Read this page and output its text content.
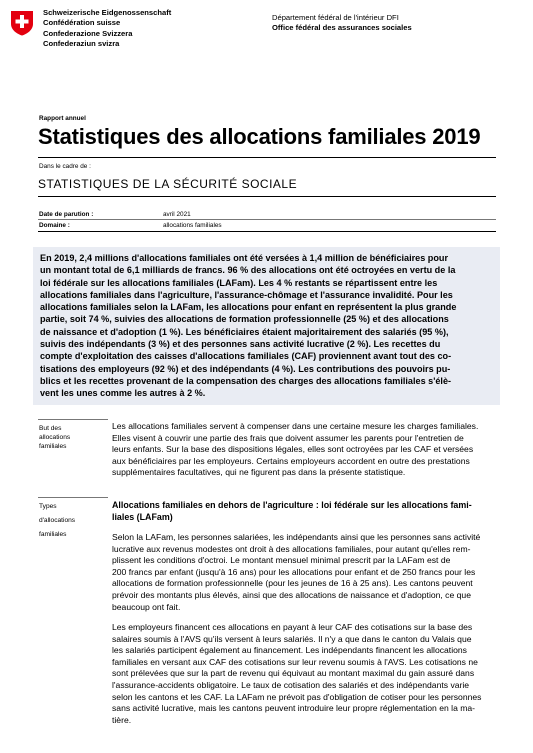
Schweizerische Eidgenossenschaft
Confédération suisse
Confederazione Svizzera
Confederaziun svizra
Département fédéral de l'intérieur DFI
Office fédéral des assurances sociales
Rapport annuel
Statistiques des allocations familiales 2019
Dans le cadre de :
STATISTIQUES DE LA SÉCURITÉ SOCIALE
Date de parution :	avril 2021
Domaine :	allocations familiales
En 2019, 2,4 millions d'allocations familiales ont été versées à 1,4 million de bénéficiaires pour
un montant total de 6,1 milliards de francs. 96 % des allocations ont été octroyées en vertu de la
loi fédérale sur les allocations familiales (LAFam). Les 4 % restants se répartissent entre les
allocations familiales dans l'agriculture, l'assurance-chômage et l'assurance invalidité. Pour les
allocations familiales selon la LAFam, les allocations pour enfant en représentent la plus grande
partie, soit 74 %, suivies des allocations de formation professionnelle (25 %) et des allocations
de naissance et d'adoption (1 %). Les bénéficiaires étaient majoritairement des salariés (95 %),
suivis des indépendants (3 %) et des personnes sans activité lucrative (2 %). Les recettes du
compte d'exploitation des caisses d'allocations familiales (CAF) proviennent avant tout des co-
tisations des employeurs (92 %) et des indépendants (4 %). Les contributions des pouvoirs pu-
blics et les recettes provenant de la compensation des charges des allocations familiales s'élè-
vent les unes comme les autres à 2 %.
But des
allocations
familiales
Les allocations familiales servent à compenser dans une certaine mesure les charges familiales.
Elles visent à couvrir une partie des frais que doivent assumer les parents pour l'entretien de
leurs enfants. Sur la base des dispositions légales, elles sont octroyées par les CAF et versées
aux bénéficiaires par les employeurs. Certains employeurs accordent en outre des prestations
supplémentaires facultatives, qui ne figurent pas dans la présente statistique.
Types
d'allocations
familiales
Allocations familiales en dehors de l'agriculture : loi fédérale sur les allocations fami-
liales (LAFam)
Selon la LAFam, les personnes salariées, les indépendants ainsi que les personnes sans activité
lucrative aux revenus modestes ont droit à des allocations familiales, pour autant qu'elles rem-
plissent les conditions d'octroi. Le montant mensuel minimal prescrit par la LAFam est de
200 francs par enfant (jusqu'à 16 ans) pour les allocations pour enfant et de 250 francs pour les
allocations de formation professionnelle (pour les jeunes de 16 à 25 ans). Les cantons peuvent
prévoir des montants plus élevés, ainsi que des allocations de naissance et d'adoption, ce que
beaucoup ont fait.
Les employeurs financent ces allocations en payant à leur CAF des cotisations sur la base des
salaires soumis à l'AVS qu'ils versent à leurs salariés. Il n'y a que dans le canton du Valais que
les salariés participent également au financement. Les indépendants financent les allocations
familiales en versant aux CAF des cotisations sur leur revenu soumis à l'AVS. Les cotisations ne
sont prélevées que sur la part de revenu qui équivaut au montant maximal du gain assuré dans
l'assurance-accidents obligatoire. Le taux de cotisation des salariés et des indépendants varie
selon les cantons et les CAF. La LAFam ne prévoit pas d'obligation de cotiser pour les personnes
sans activité lucrative, mais les cantons peuvent introduire leur propre réglementation en la ma-
tière.
